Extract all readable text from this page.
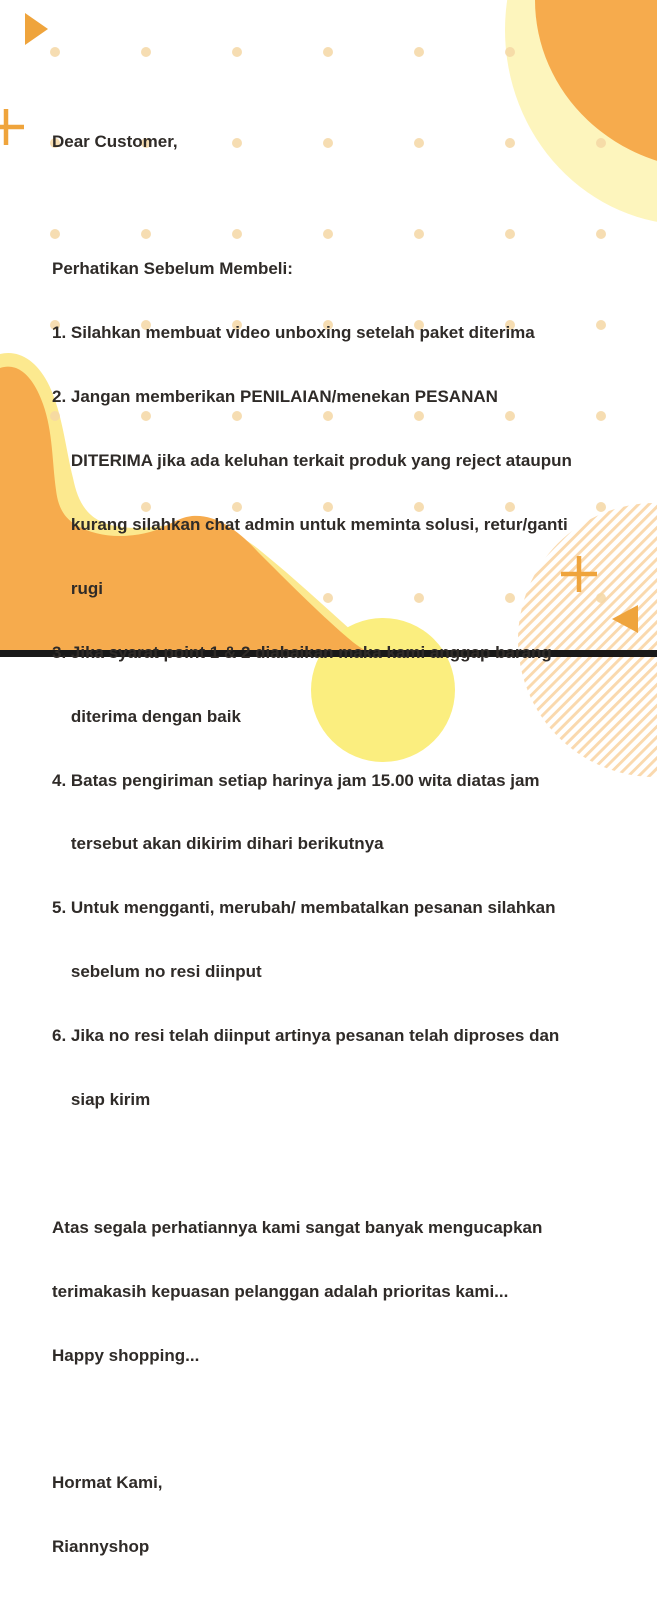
Dear Customer,

Perhatikan Sebelum Membeli:

1. Silahkan membuat video unboxing setelah paket diterima

2. Jangan memberikan PENILAIAN/menekan PESANAN

DITERIMA jika ada keluhan terkait produk yang reject ataupun

kurang silahkan chat admin untuk meminta solusi, retur/ganti

rugi

3. Jika syarat point 1 & 2 diabaikan maka kami anggap barang

diterima dengan baik

4. Batas pengiriman setiap harinya jam 15.00 wita diatas jam

tersebut akan dikirim dihari berikutnya

5. Untuk mengganti, merubah/ membatalkan pesanan silahkan

sebelum no resi diinput

6. Jika no resi telah diinput artinya pesanan telah diproses dan

siap kirim

Atas segala perhatiannya kami sangat banyak mengucapkan

terimakasih kepuasan pelanggan adalah prioritas kami...

Happy shopping...

Hormat Kami,

Riannyshop
